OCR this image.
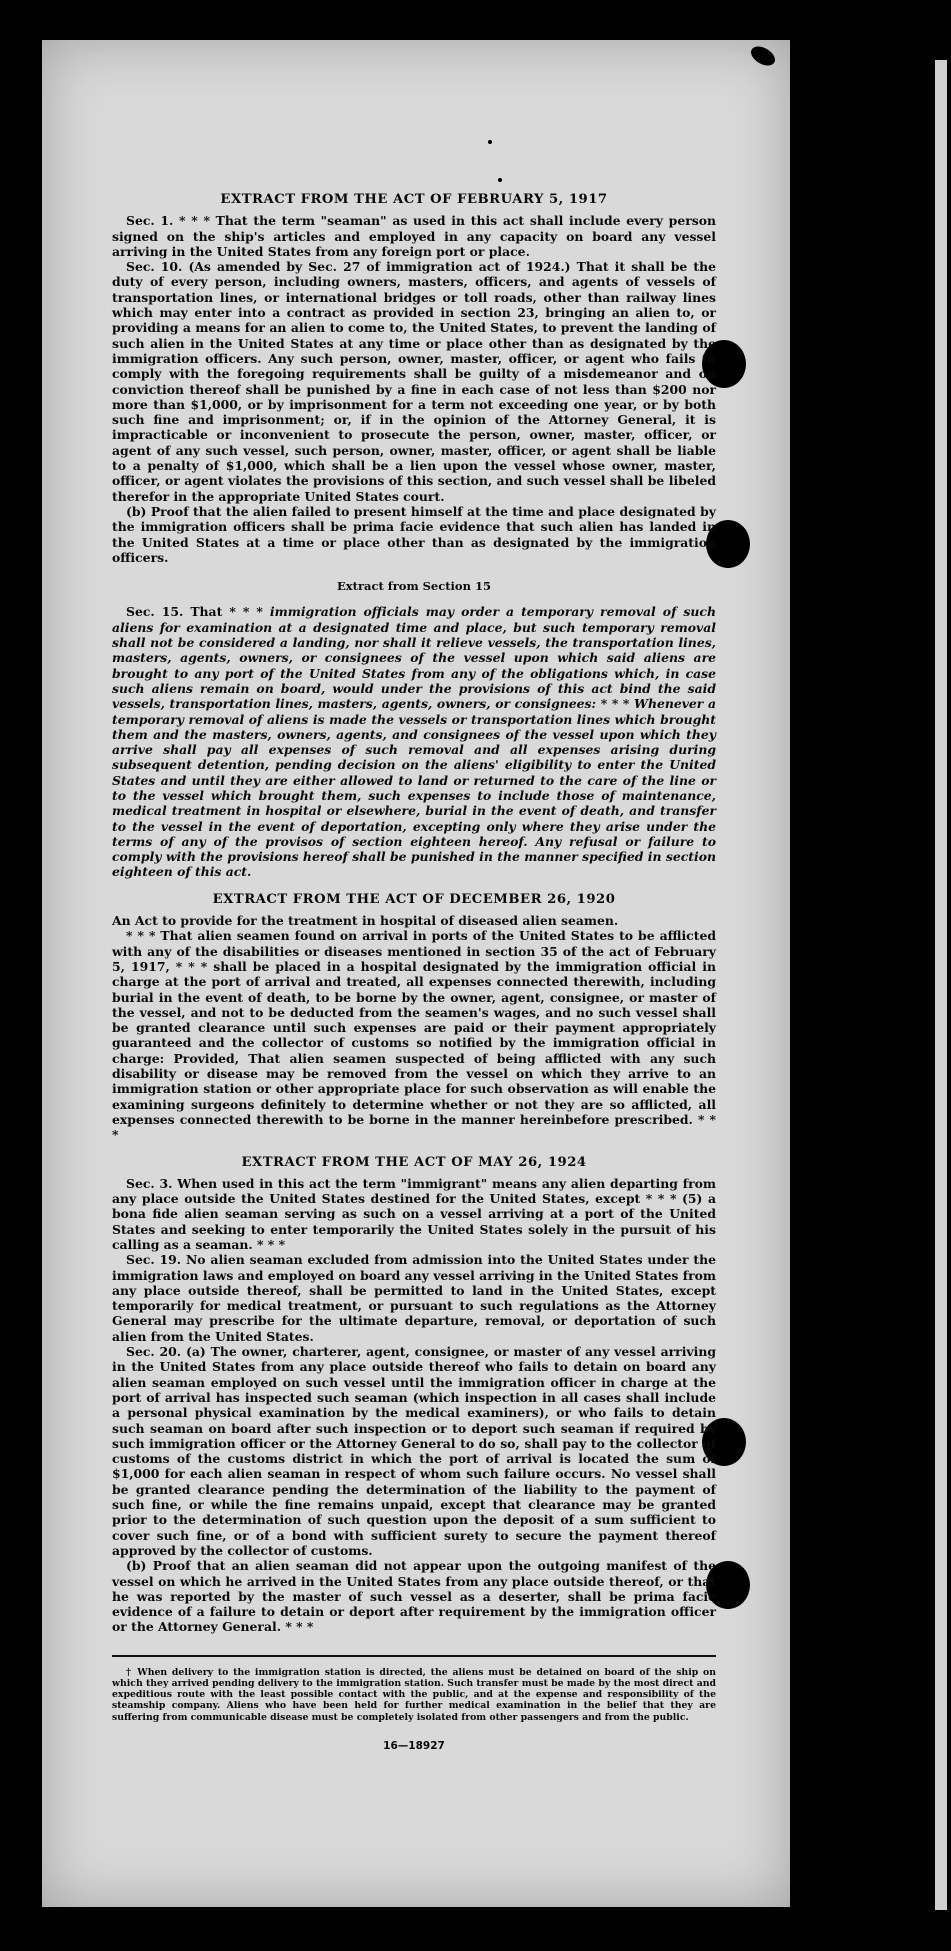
EXTRACT FROM THE ACT OF FEBRUARY 5, 1917

Sec. 1. * * * That the term "seaman" as used in this act shall include every person signed on the ship's articles and employed in any capacity on board any vessel arriving in the United States from any foreign port or place.

Sec. 10. (As amended by Sec. 27 of immigration act of 1924.) That it shall be the duty of every person, including owners, masters, officers, and agents of vessels of transportation lines, or international bridges or toll roads, other than railway lines which may enter into a contract as provided in section 23, bringing an alien to, or providing a means for an alien to come to, the United States, to prevent the landing of such alien in the United States at any time or place other than as designated by the immigration officers. Any such person, owner, master, officer, or agent who fails to comply with the foregoing requirements shall be guilty of a misdemeanor and on conviction thereof shall be punished by a fine in each case of not less than $200 nor more than $1,000, or by imprisonment for a term not exceeding one year, or by both such fine and imprisonment; or, if in the opinion of the Attorney General, it is impracticable or inconvenient to prosecute the person, owner, master, officer, or agent of any such vessel, such person, owner, master, officer, or agent shall be liable to a penalty of $1,000, which shall be a lien upon the vessel whose owner, master, officer, or agent violates the provisions of this section, and such vessel shall be libeled therefor in the appropriate United States court.

(b) Proof that the alien failed to present himself at the time and place designated by the immigration officers shall be prima facie evidence that such alien has landed in the United States at a time or place other than as designated by the immigration officers.

Extract from Section 15

Sec. 15. That * * * immigration officials may order a temporary removal of such aliens for examination at a designated time and place, but such temporary removal shall not be considered a landing, nor shall it relieve vessels, the transportation lines, masters, agents, owners, or consignees of the vessel upon which said aliens are brought to any port of the United States from any of the obligations which, in case such aliens remain on board, would under the provisions of this act bind the said vessels, transportation lines, masters, agents, owners, or consignees: * * * Whenever a temporary removal of aliens is made the vessels or transportation lines which brought them and the masters, owners, agents, and consignees of the vessel upon which they arrive shall pay all expenses of such removal and all expenses arising during subsequent detention, pending decision on the aliens' eligibility to enter the United States and until they are either allowed to land or returned to the care of the line or to the vessel which brought them, such expenses to include those of maintenance, medical treatment in hospital or elsewhere, burial in the event of death, and transfer to the vessel in the event of deportation, excepting only where they arise under the terms of any of the provisos of section eighteen hereof. Any refusal or failure to comply with the provisions hereof shall be punished in the manner specified in section eighteen of this act.

EXTRACT FROM THE ACT OF DECEMBER 26, 1920

An Act to provide for the treatment in hospital of diseased alien seamen.

* * * That alien seamen found on arrival in ports of the United States to be afflicted with any of the disabilities or diseases mentioned in section 35 of the act of February 5, 1917, * * * shall be placed in a hospital designated by the immigration official in charge at the port of arrival and treated, all expenses connected therewith, including burial in the event of death, to be borne by the owner, agent, consignee, or master of the vessel, and not to be deducted from the seamen's wages, and no such vessel shall be granted clearance until such expenses are paid or their payment appropriately guaranteed and the collector of customs so notified by the immigration official in charge: Provided, That alien seamen suspected of being afflicted with any such disability or disease may be removed from the vessel on which they arrive to an immigration station or other appropriate place for such observation as will enable the examining surgeons definitely to determine whether or not they are so afflicted, all expenses connected therewith to be borne in the manner hereinbefore prescribed. * * *

EXTRACT FROM THE ACT OF MAY 26, 1924

Sec. 3. When used in this act the term "immigrant" means any alien departing from any place outside the United States destined for the United States, except * * * (5) a bona fide alien seaman serving as such on a vessel arriving at a port of the United States and seeking to enter temporarily the United States solely in the pursuit of his calling as a seaman. * * *

Sec. 19. No alien seaman excluded from admission into the United States under the immigration laws and employed on board any vessel arriving in the United States from any place outside thereof, shall be permitted to land in the United States, except temporarily for medical treatment, or pursuant to such regulations as the Attorney General may prescribe for the ultimate departure, removal, or deportation of such alien from the United States.

Sec. 20. (a) The owner, charterer, agent, consignee, or master of any vessel arriving in the United States from any place outside thereof who fails to detain on board any alien seaman employed on such vessel until the immigration officer in charge at the port of arrival has inspected such seaman (which inspection in all cases shall include a personal physical examination by the medical examiners), or who fails to detain such seaman on board after such inspection or to deport such seaman if required by such immigration officer or the Attorney General to do so, shall pay to the collector of customs of the customs district in which the port of arrival is located the sum of $1,000 for each alien seaman in respect of whom such failure occurs. No vessel shall be granted clearance pending the determination of the liability to the payment of such fine, or while the fine remains unpaid, except that clearance may be granted prior to the determination of such question upon the deposit of a sum sufficient to cover such fine, or of a bond with sufficient surety to secure the payment thereof approved by the collector of customs.

(b) Proof that an alien seaman did not appear upon the outgoing manifest of the vessel on which he arrived in the United States from any place outside thereof, or that he was reported by the master of such vessel as a deserter, shall be prima facie evidence of a failure to detain or deport after requirement by the immigration officer or the Attorney General. * * *

† When delivery to the immigration station is directed, the aliens must be detained on board of the ship on which they arrived pending delivery to the immigration station. Such transfer must be made by the most direct and expeditious route with the least possible contact with the public, and at the expense and responsibility of the steamship company. Aliens who have been held for further medical examination in the belief that they are suffering from communicable disease must be completely isolated from other passengers and from the public.

16—18927
